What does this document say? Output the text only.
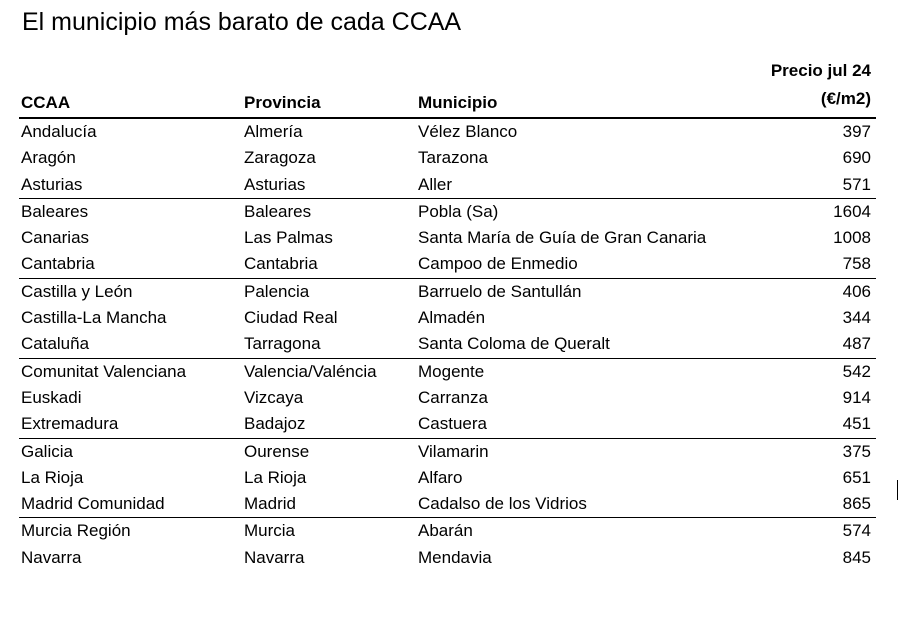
El municipio más barato de cada CCAA
CCAA	Provincia	Municipio
Precio jul 24
(€/m2)
Andalucía	Almería	Vélez Blanco	397
Aragón	Zaragoza	Tarazona	690
Asturias	Asturias	Aller	571
Baleares	Baleares	Pobla (Sa)	1604
Canarias	Las Palmas	Santa María de Guía de Gran Canaria	1008
Cantabria	Cantabria	Campoo de Enmedio	758
Castilla y León	Palencia	Barruelo de Santullán	406
Castilla-La Mancha	Ciudad Real	Almadén	344
Cataluña	Tarragona	Santa Coloma de Queralt	487
Comunitat Valenciana	Valencia/Valéncia	Mogente	542
Euskadi	Vizcaya	Carranza	914
Extremadura	Badajoz	Castuera	451
Galicia	Ourense	Vilamarin	375
La Rioja	La Rioja	Alfaro	651
Madrid Comunidad	Madrid	Cadalso de los Vidrios	865
Murcia Región	Murcia	Abarán	574
Navarra	Navarra	Mendavia	845
